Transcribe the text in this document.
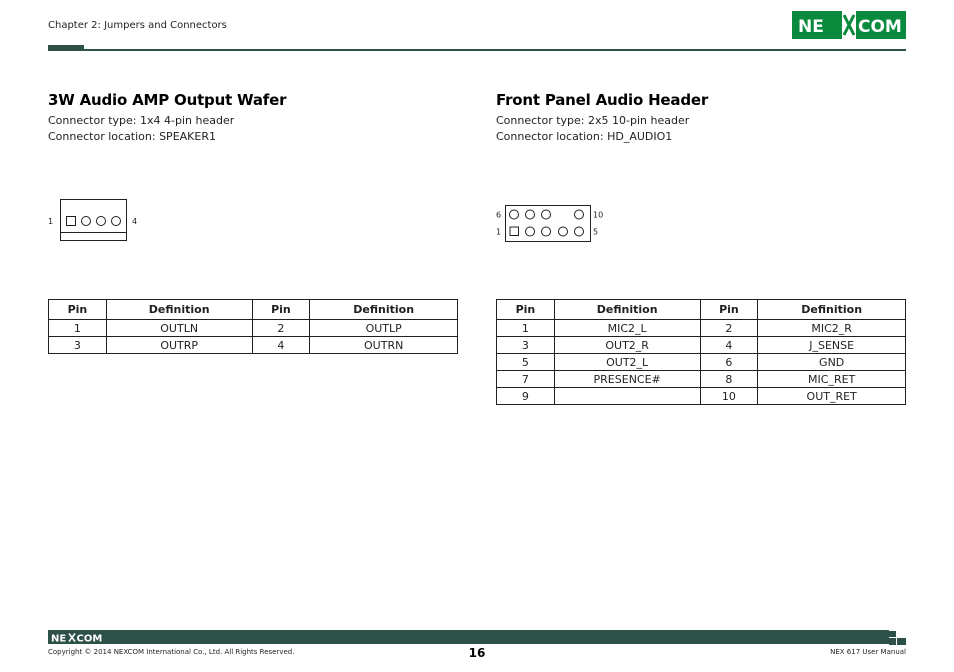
Chapter 2: Jumpers and Connectors	NE COM
3W Audio AMP Output Wafer
Connector type: 1x4 4-pin header
Connector location: SPEAKER1
1	4
Pin	Definition	Pin	Definition
1	OUTLN	2	OUTLP
3	OUTRP	4	OUTRN
Front Panel Audio Header
Connector type: 2x5 10-pin header
Connector location: HD_AUDIO1
6	10
1	5
Pin	Definition	Pin	Definition
1	MIC2_L	2	MIC2_R
3	OUT2_R	4	J_SENSE
5	OUT2_L	6	GND
7	PRESENCE#	8	MIC_RET
9		10	OUT_RET
NE COM
Copyright © 2014 NEXCOM International Co., Ltd. All Rights Reserved.	16	NEX 617 User Manual
